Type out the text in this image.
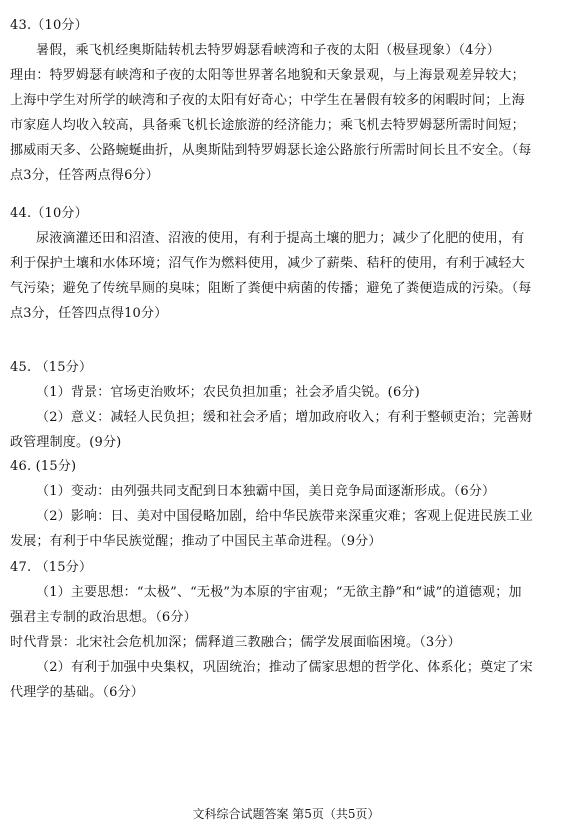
43.（10分）
暑假，乘飞机经奥斯陆转机去特罗姆瑟看峡湾和子夜的太阳（极昼现象）（4分）
理由：特罗姆瑟有峡湾和子夜的太阳等世界著名地貌和天象景观，与上海景观差异较大；
上海中学生对所学的峡湾和子夜的太阳有好奇心；中学生在暑假有较多的闲暇时间；上海
市家庭人均收入较高，具备乘飞机长途旅游的经济能力；乘飞机去特罗姆瑟所需时间短；
挪威雨天多、公路蜿蜒曲折，从奥斯陆到特罗姆瑟长途公路旅行所需时间长且不安全。（每
点3分，任答两点得6分）
44.（10分）
尿液滴灌还田和沼渣、沼液的使用，有利于提高土壤的肥力；减少了化肥的使用，有
利于保护土壤和水体环境；沼气作为燃料使用，减少了薪柴、秸秆的使用，有利于减轻大
气污染；避免了传统旱厕的臭味；阻断了粪便中病菌的传播；避免了粪便造成的污染。（每
点3分，任答四点得10分）
45. （15分）
（1）背景：官场吏治败坏；农民负担加重；社会矛盾尖锐。(6分)
（2）意义：减轻人民负担；缓和社会矛盾；增加政府收入；有利于整顿吏治；完善财
政管理制度。(9分)
46. (15分)
（1）变动：由列强共同支配到日本独霸中国，美日竞争局面逐渐形成。（6分）
（2）影响：日、美对中国侵略加剧，给中华民族带来深重灾难；客观上促进民族工业
发展；有利于中华民族觉醒；推动了中国民主革命进程。（9分）
47. （15分）
（1）主要思想：“太极”、“无极”为本原的宇宙观；“无欲主静”和“诚”的道德观；加
强君主专制的政治思想。（6分）
时代背景：北宋社会危机加深；儒释道三教融合；儒学发展面临困境。（3分）
（2）有利于加强中央集权，巩固统治；推动了儒家思想的哲学化、体系化；奠定了宋
代理学的基础。（6分）
文科综合试题答案 第5页（共5页）
